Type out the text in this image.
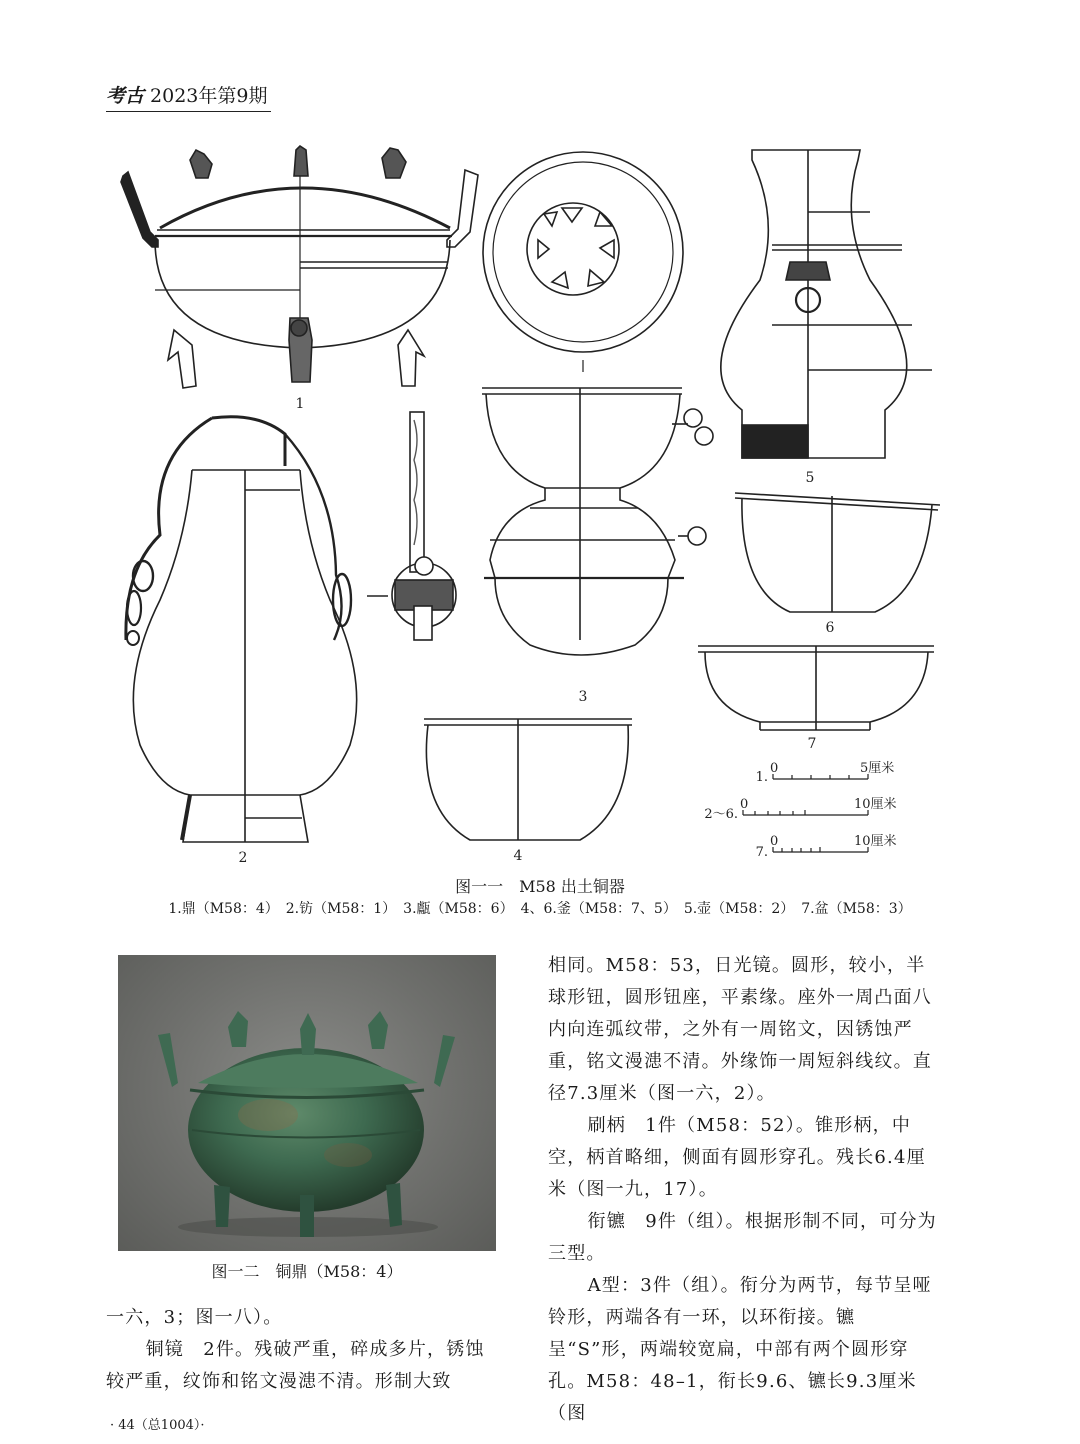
考古 2023年第9期
1
2
3
5
6
7
4
1.
0	5厘米
2～6.
0	10厘米
7.
0	10厘米
图一一　M58 出土铜器
1.鼎（M58：4）　2.钫（M58：1）　3.甗（M58：6）　4、6.釜（M58：7、5）　5.壶（M58：2）　7.盆（M58：3）
图一二　铜鼎（M58：4）

相同。M58：53，日光镜。圆形，较小，半球形钮，圆形钮座，平素缘。座外一周凸面八内向连弧纹带，之外有一周铭文，因锈蚀严重，铭文漫漶不清。外缘饰一周短斜线纹。直径7.3厘米（图一六，2）。

刷柄　1件（M58：52）。锥形柄，中空，柄首略细，侧面有圆形穿孔。残长6.4厘米（图一九，17）。

衔镳　9件（组）。根据形制不同，可分为三型。

A型：3件（组）。衔分为两节，每节呈哑铃形，两端各有一环，以环衔接。镳呈“S”形，两端较宽扁，中部有两个圆形穿孔。M58：48–1，衔长9.6、镳长9.3厘米（图

一六，3；图一八）。

铜镜　2件。残破严重，碎成多片，锈蚀较严重，纹饰和铭文漫漶不清。形制大致

· 44（总1004）·
